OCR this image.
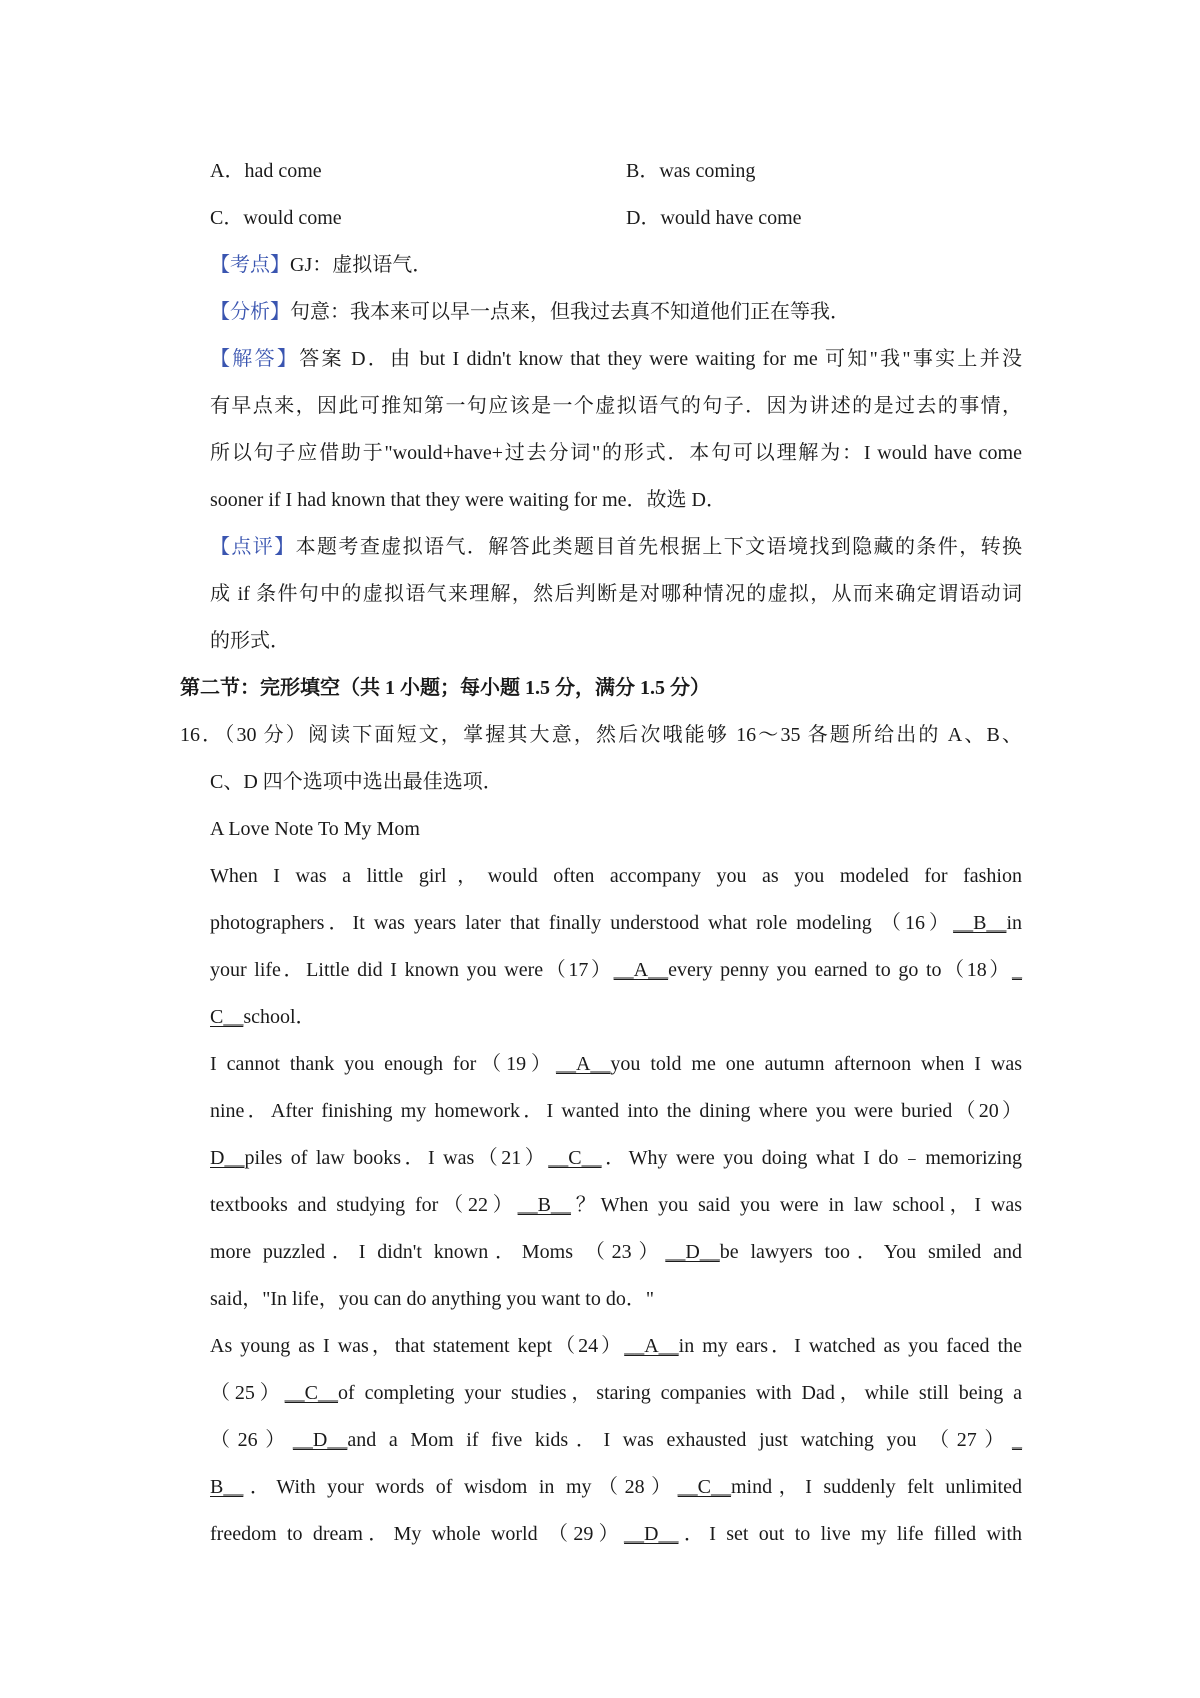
A．had come	B．was coming
C．would come	D．would have come
【考点】GJ：虚拟语气．
【分析】句意：我本来可以早一点来，但我过去真不知道他们正在等我．
【解答】答案 D．由 but I didn't know that they were waiting for me 可知"我"事实上并没
有早点来，因此可推知第一句应该是一个虚拟语气的句子．因为讲述的是过去的事情，
所以句子应借助于"would+have+过去分词"的形式．本句可以理解为：I would have come
sooner if I had known that they were waiting for me．故选 D．
【点评】本题考查虚拟语气．解答此类题目首先根据上下文语境找到隐藏的条件，转换
成 if 条件句中的虚拟语气来理解，然后判断是对哪种情况的虚拟，从而来确定谓语动词
的形式．
第二节：完形填空（共 1 小题；每小题 1.5 分，满分 1.5 分）
16．（30 分）阅读下面短文，掌握其大意，然后次哦能够 16～35 各题所给出的 A、B、
C、D 四个选项中选出最佳选项．
A Love Note To My Mom
When I was a little girl，would often accompany you as you modeled for fashion
photographers．It was years later that finally understood what role modeling （16）__B__in
your life．Little did I known you were（17）__A__every penny you earned to go to（18）_
C__school．
I cannot thank you enough for（19）__A__you told me one autumn afternoon when I was
nine．After finishing my homework．I wanted into the dining where you were buried（20）
D__piles of law books．I was（21）__C__．Why were you doing what I do﹣memorizing
textbooks and studying for（22）__B__？When you said you were in law school，I was
more puzzled．I didn't known．Moms （23）__D__be lawyers too．You smiled and
said，"In life，you can do anything you want to do．"
As young as I was，that statement kept（24）__A__in my ears．I watched as you faced the
（25）__C__of completing your studies，staring companies with Dad，while still being a
（26）__D__and a Mom if five kids．I was exhausted just watching you （27）_
B__．With your words of wisdom in my（28）__C__mind，I suddenly felt unlimited
freedom to dream．My whole world （29）__D__．I set out to live my life filled with
